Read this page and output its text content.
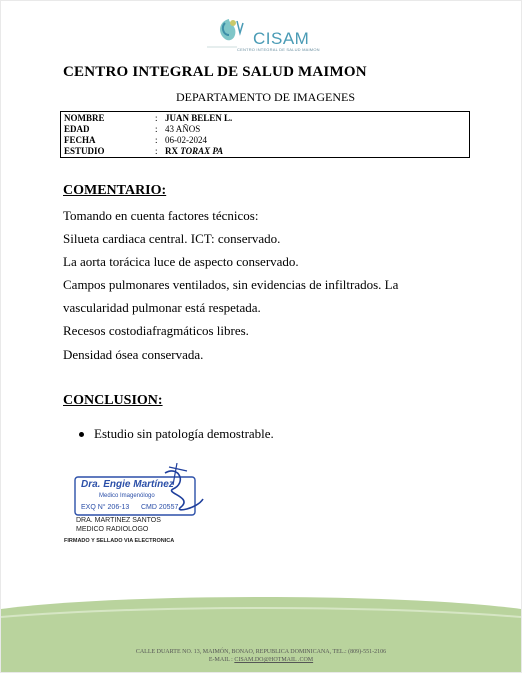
CISAM
CENTRO INTEGRAL DE SALUD MAIMON
CENTRO INTEGRAL DE SALUD MAIMON
DEPARTAMENTO DE IMAGENES
NOMBRE	: JUAN BELEN L.
EDAD	: 43 AÑOS
FECHA	: 06-02-2024
ESTUDIO	: RX TORAX PA
COMENTARIO:
Tomando en cuenta factores técnicos:
Silueta cardiaca central. ICT: conservado.
La aorta torácica luce de aspecto conservado.
Campos pulmonares ventilados, sin evidencias de infiltrados. La
vascularidad pulmonar está respetada.
Recesos costodiafragmáticos libres.
Densidad ósea conservada.
CONCLUSION:
Estudio sin patología demostrable.
Dra. Engie Martínez
Medico Imagenólogo
EXQ N° 206-13 CMD 20557
DRA. MARTINEZ SANTOS
MEDICO RADIOLOGO
FIRMADO Y SELLADO VIA ELECTRONICA
CALLE DUARTE NO. 13, MAIMÓN, BONAO, REPUBLICA DOMINICANA, TEL.: (809)-551-2106
E-MAIL : CISAM.DO@HOTMAIL .COM
